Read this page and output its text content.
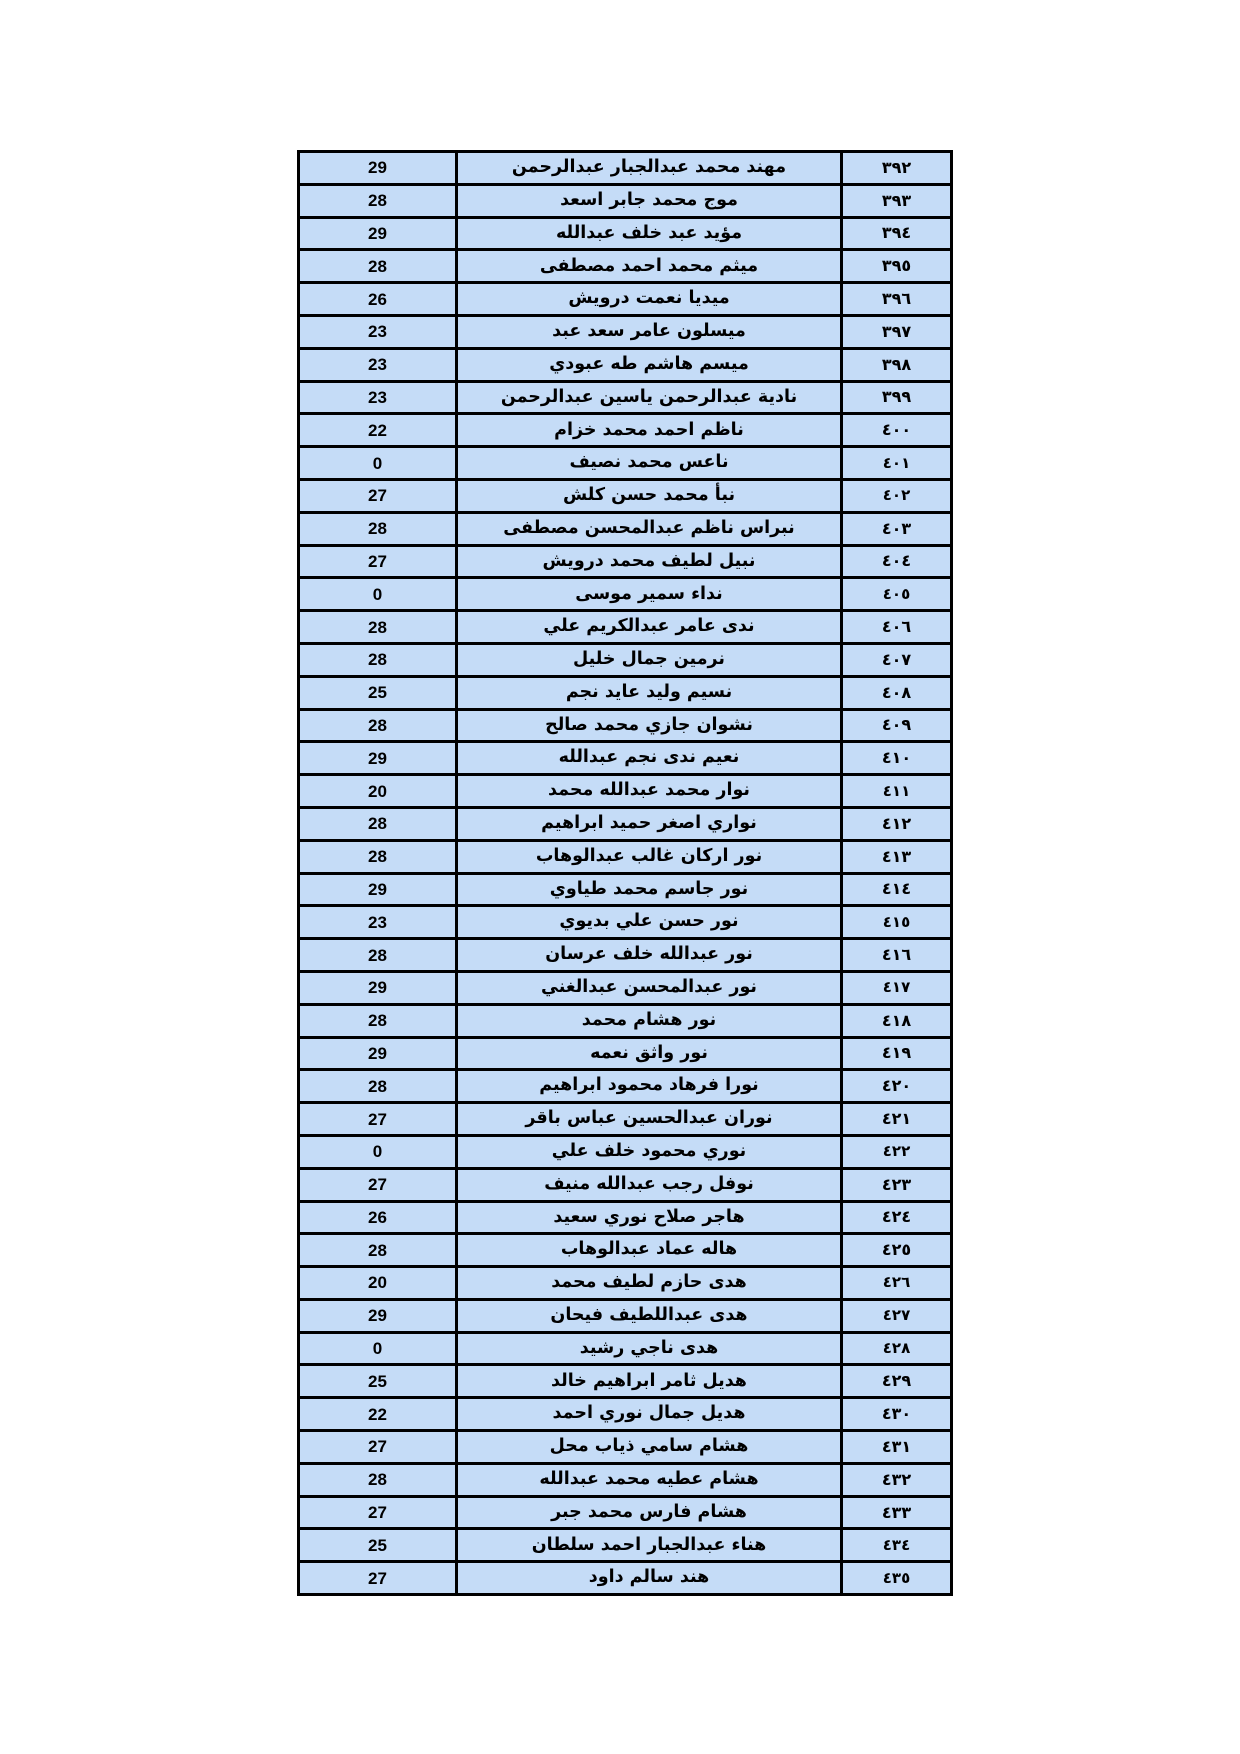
٣٩٢	مهند محمد عبدالجبار عبدالرحمن	29
٣٩٣	موج محمد جابر اسعد	28
٣٩٤	مؤيد عبد خلف عبدالله	29
٣٩٥	ميثم محمد احمد مصطفى	28
٣٩٦	ميديا نعمت درويش	26
٣٩٧	ميسلون عامر سعد عبد	23
٣٩٨	ميسم هاشم طه عبودي	23
٣٩٩	نادية عبدالرحمن ياسين عبدالرحمن	23
٤٠٠	ناظم احمد محمد خزام	22
٤٠١	ناعس محمد نصيف	0
٤٠٢	نبأ محمد حسن كلش	27
٤٠٣	نبراس ناظم عبدالمحسن مصطفى	28
٤٠٤	نبيل لطيف محمد درويش	27
٤٠٥	نداء سمير موسى	0
٤٠٦	ندى عامر عبدالكريم علي	28
٤٠٧	نرمين جمال خليل	28
٤٠٨	نسيم وليد عايد نجم	25
٤٠٩	نشوان جازي محمد صالح	28
٤١٠	نعيم ندى نجم عبدالله	29
٤١١	نوار محمد عبدالله محمد	20
٤١٢	نواري اصغر حميد ابراهيم	28
٤١٣	نور اركان غالب عبدالوهاب	28
٤١٤	نور جاسم محمد طياوي	29
٤١٥	نور حسن علي بديوي	23
٤١٦	نور عبدالله خلف عرسان	28
٤١٧	نور عبدالمحسن عبدالغني	29
٤١٨	نور هشام محمد	28
٤١٩	نور واثق نعمه	29
٤٢٠	نورا فرهاد محمود ابراهيم	28
٤٢١	نوران عبدالحسين عباس باقر	27
٤٢٢	نوري محمود خلف علي	0
٤٢٣	نوفل رجب عبدالله منيف	27
٤٢٤	هاجر صلاح نوري سعيد	26
٤٢٥	هاله عماد عبدالوهاب	28
٤٢٦	هدى حازم لطيف محمد	20
٤٢٧	هدى عبداللطيف فيحان	29
٤٢٨	هدى ناجي رشيد	0
٤٢٩	هديل ثامر ابراهيم خالد	25
٤٣٠	هديل جمال نوري احمد	22
٤٣١	هشام سامي ذياب محل	27
٤٣٢	هشام عطيه محمد عبدالله	28
٤٣٣	هشام فارس محمد جبر	27
٤٣٤	هناء عبدالجبار احمد سلطان	25
٤٣٥	هند سالم داود	27
